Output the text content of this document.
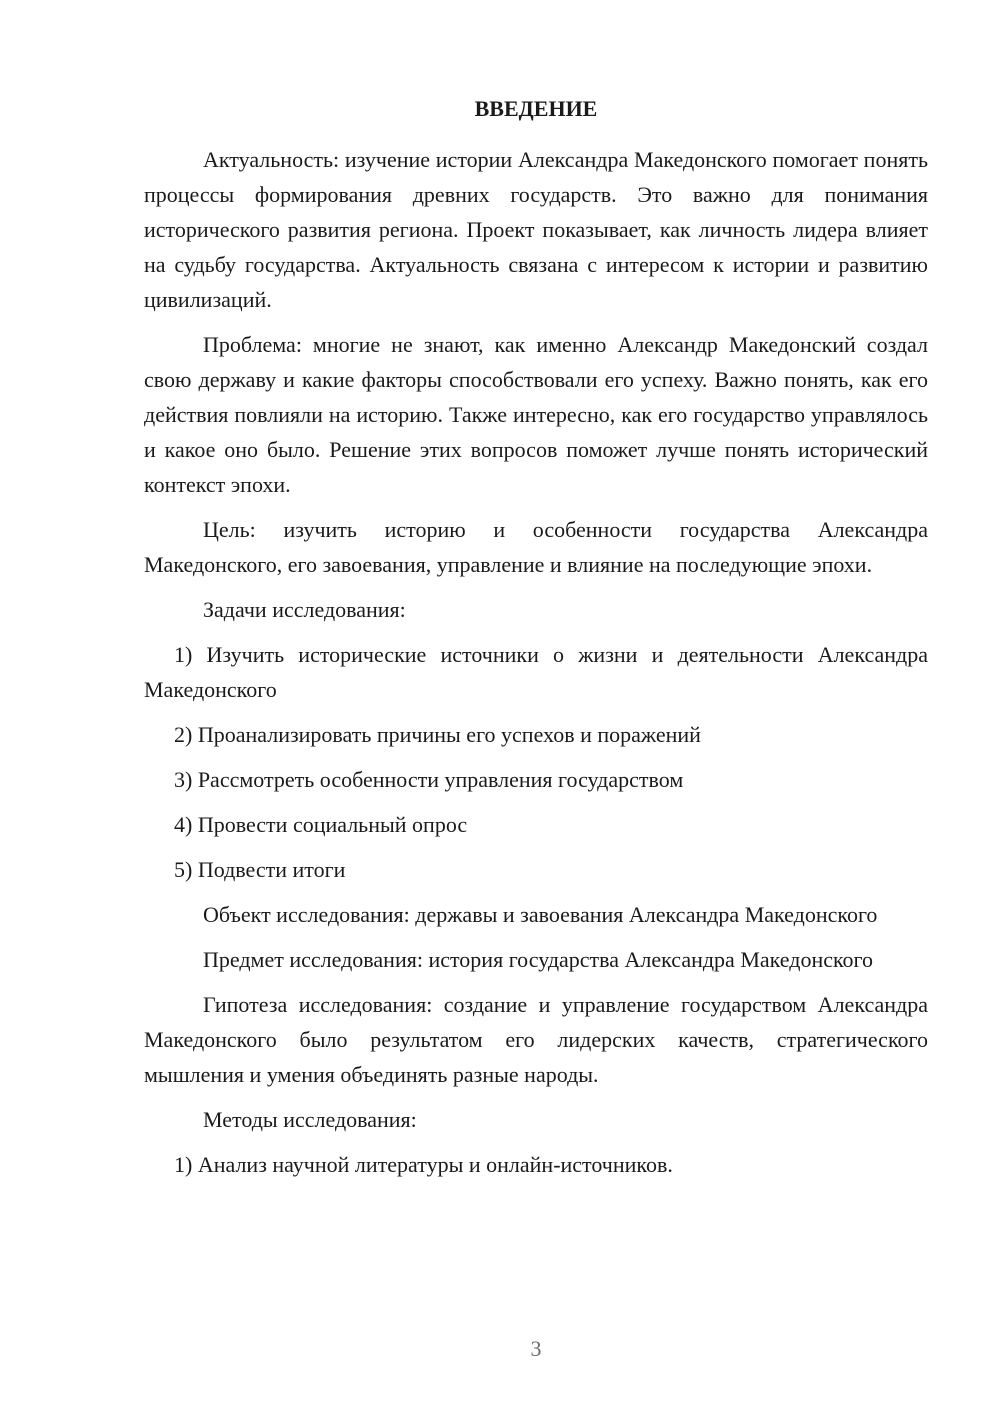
ВВЕДЕНИЕ

Актуальность: изучение истории Александра Македонского помогает понять процессы формирования древних государств. Это важно для понимания исторического развития региона. Проект показывает, как личность лидера влияет на судьбу государства. Актуальность связана с интересом к истории и развитию цивилизаций.

Проблема: многие не знают, как именно Александр Македонский создал свою державу и какие факторы способствовали его успеху. Важно понять, как его действия повлияли на историю. Также интересно, как его государство управлялось и какое оно было. Решение этих вопросов поможет лучше понять исторический контекст эпохи.

Цель: изучить историю и особенности государства Александра Македонского, его завоевания, управление и влияние на последующие эпохи.

Задачи исследования:

1) Изучить исторические источники о жизни и деятельности Александра Македонского

2) Проанализировать причины его успехов и поражений

3) Рассмотреть особенности управления государством

4) Провести социальный опрос

5) Подвести итоги

Объект исследования: державы и завоевания Александра Македонского

Предмет исследования: история государства Александра Македонского

Гипотеза исследования: создание и управление государством Александра Македонского было результатом его лидерских качеств, стратегического мышления и умения объединять разные народы.

Методы исследования:

1) Анализ научной литературы и онлайн-источников.

3
